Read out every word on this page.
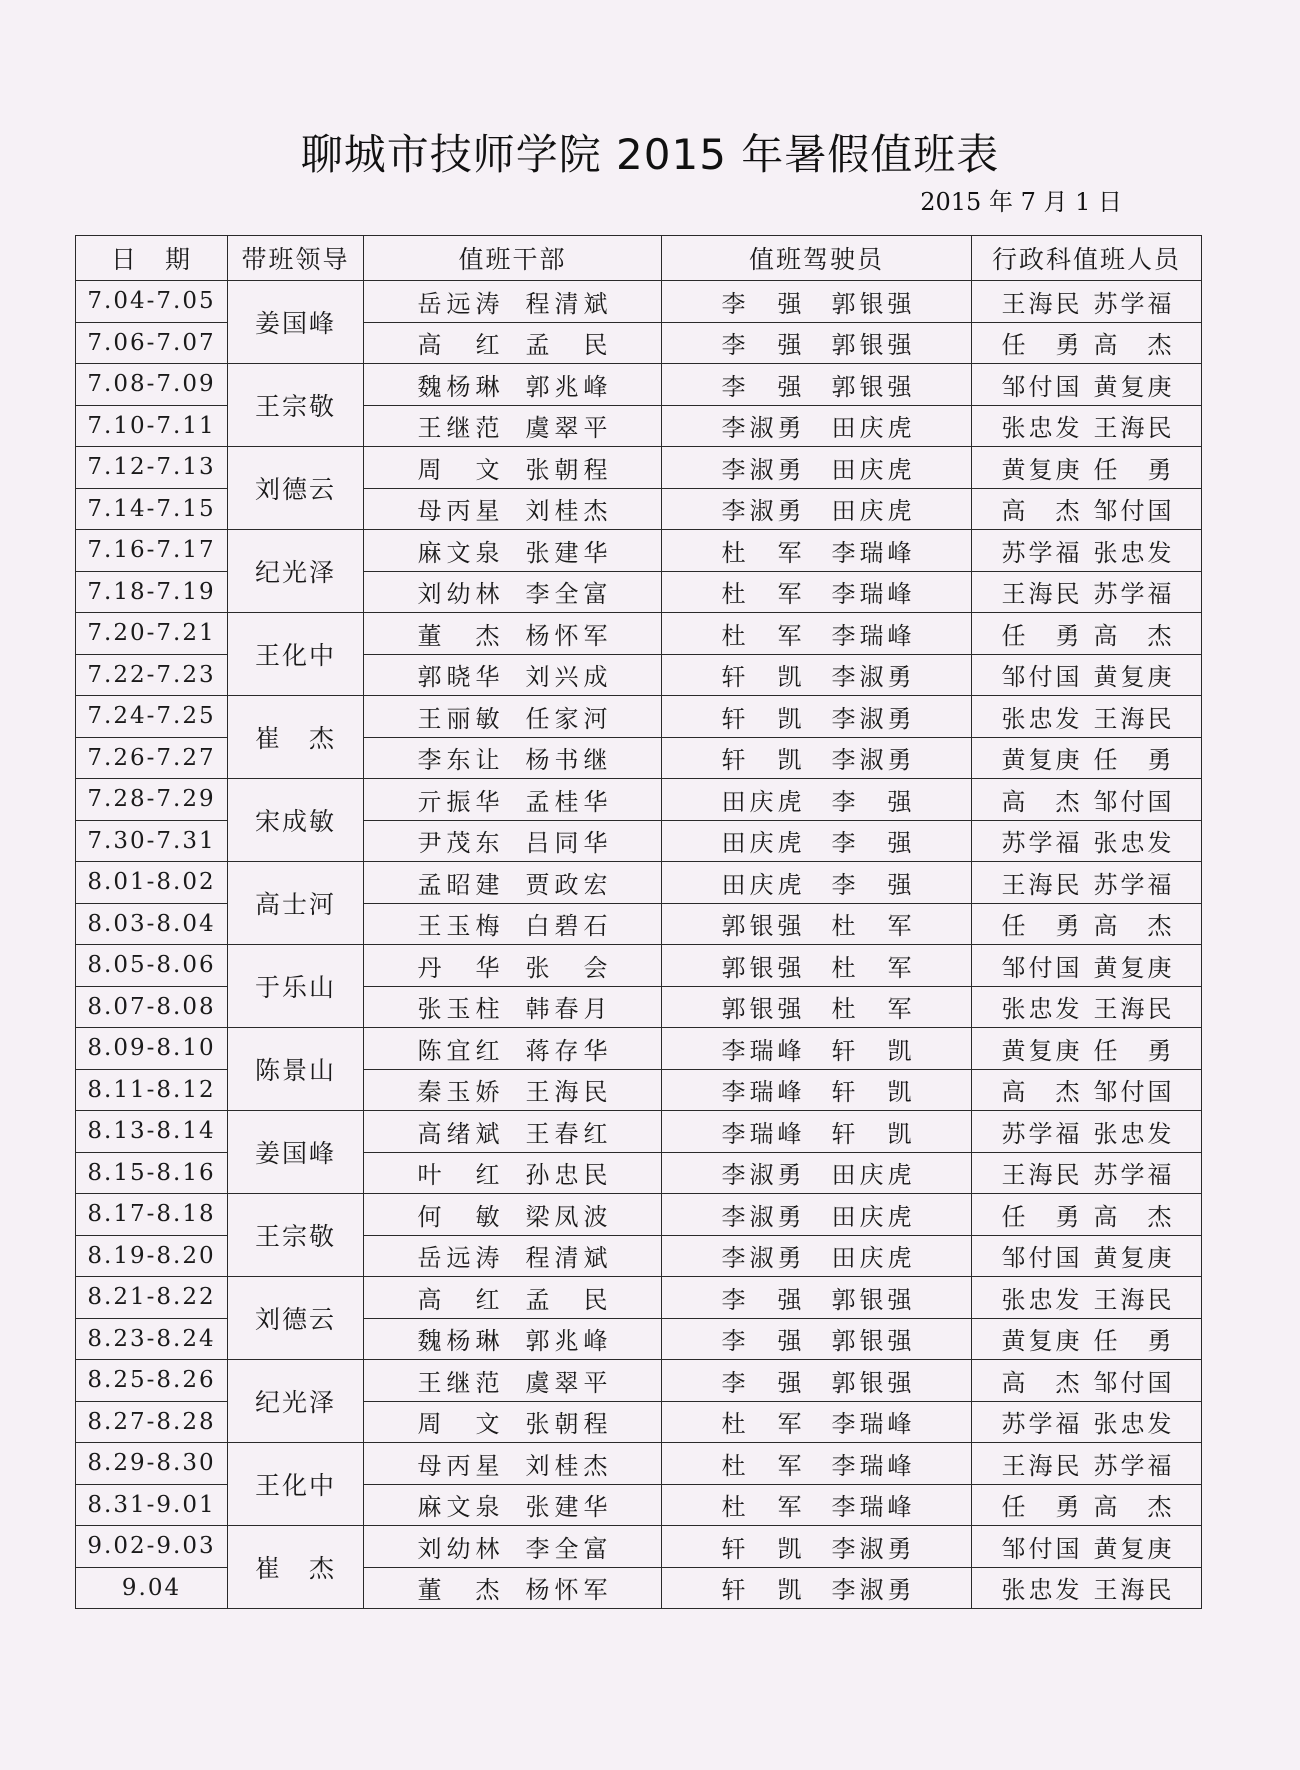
聊城市技师学院 2015 年暑假值班表
2015 年 7 月 1 日
日　期	带班领导	值班干部	值班驾驶员	行政科值班人员
7.04-7.05	姜国峰	岳远涛 程清斌	李　强 郭银强	王海民 苏学福

7.06-7.07		高　红 孟　民	李　强 郭银强	任　勇 高　杰

7.08-7.09	王宗敬	魏杨琳 郭兆峰	李　强 郭银强	邹付国 黄复庚

7.10-7.11		王继范 虞翠平	李淑勇 田庆虎	张忠发 王海民

7.12-7.13	刘德云	周　文 张朝程	李淑勇 田庆虎	黄复庚 任　勇

7.14-7.15		母丙星 刘桂杰	李淑勇 田庆虎	高　杰 邹付国

7.16-7.17	纪光泽	麻文泉 张建华	杜　军 李瑞峰	苏学福 张忠发

7.18-7.19		刘幼林 李全富	杜　军 李瑞峰	王海民 苏学福

7.20-7.21	王化中	董　杰 杨怀军	杜　军 李瑞峰	任　勇 高　杰

7.22-7.23		郭晓华 刘兴成	轩　凯 李淑勇	邹付国 黄复庚

7.24-7.25	崔　杰	王丽敏 任家河	轩　凯 李淑勇	张忠发 王海民

7.26-7.27		李东让 杨书继	轩　凯 李淑勇	黄复庚 任　勇

7.28-7.29	宋成敏	亓振华 孟桂华	田庆虎 李　强	高　杰 邹付国

7.30-7.31		尹茂东 吕同华	田庆虎 李　强	苏学福 张忠发

8.01-8.02	高士河	孟昭建 贾政宏	田庆虎 李　强	王海民 苏学福

8.03-8.04		王玉梅 白碧石	郭银强 杜　军	任　勇 高　杰

8.05-8.06	于乐山	丹　华 张　会	郭银强 杜　军	邹付国 黄复庚

8.07-8.08		张玉柱 韩春月	郭银强 杜　军	张忠发 王海民

8.09-8.10	陈景山	陈宜红 蒋存华	李瑞峰 轩　凯	黄复庚 任　勇

8.11-8.12		秦玉娇 王海民	李瑞峰 轩　凯	高　杰 邹付国

8.13-8.14	姜国峰	高绪斌 王春红	李瑞峰 轩　凯	苏学福 张忠发

8.15-8.16		叶　红 孙忠民	李淑勇 田庆虎	王海民 苏学福

8.17-8.18	王宗敬	何　敏 梁凤波	李淑勇 田庆虎	任　勇 高　杰

8.19-8.20		岳远涛 程清斌	李淑勇 田庆虎	邹付国 黄复庚

8.21-8.22	刘德云	高　红 孟　民	李　强 郭银强	张忠发 王海民

8.23-8.24		魏杨琳 郭兆峰	李　强 郭银强	黄复庚 任　勇

8.25-8.26	纪光泽	王继范 虞翠平	李　强 郭银强	高　杰 邹付国

8.27-8.28		周　文 张朝程	杜　军 李瑞峰	苏学福 张忠发

8.29-8.30	王化中	母丙星 刘桂杰	杜　军 李瑞峰	王海民 苏学福

8.31-9.01		麻文泉 张建华	杜　军 李瑞峰	任　勇 高　杰

9.02-9.03	崔　杰	刘幼林 李全富	轩　凯 李淑勇	邹付国 黄复庚

9.04		董　杰 杨怀军	轩　凯 李淑勇	张忠发 王海民
